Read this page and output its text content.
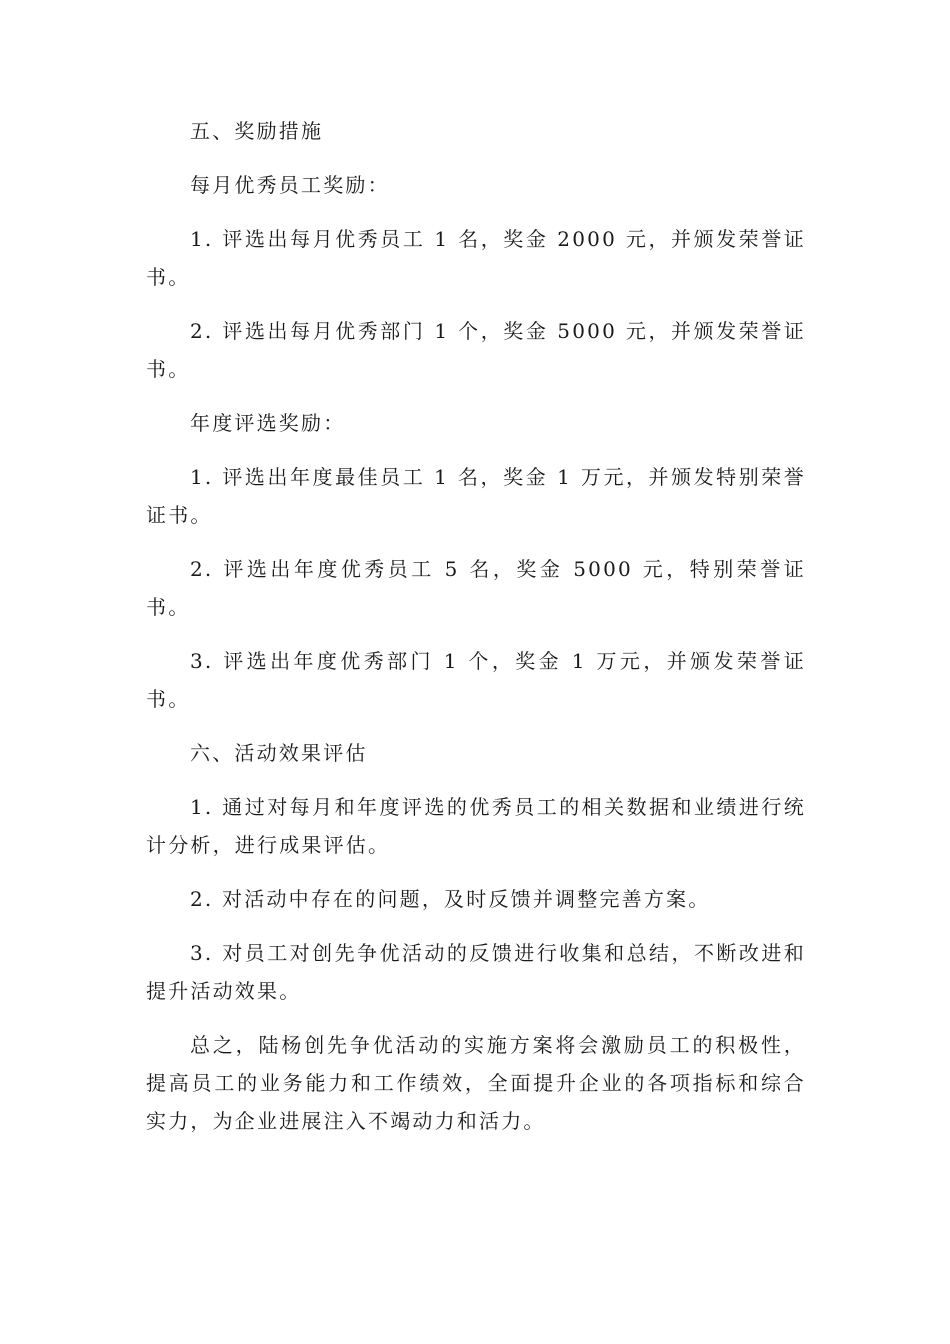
五、奖励措施

每月优秀员工奖励：

1. 评选出每月优秀员工 1 名，奖金 2000 元，并颁发荣誉证书。

2. 评选出每月优秀部门 1 个，奖金 5000 元，并颁发荣誉证书。

年度评选奖励：

1. 评选出年度最佳员工 1 名，奖金 1 万元，并颁发特别荣誉证书。

2. 评选出年度优秀员工 5 名，奖金 5000 元，特别荣誉证书。

3. 评选出年度优秀部门 1 个，奖金 1 万元，并颁发荣誉证书。

六、活动效果评估

1. 通过对每月和年度评选的优秀员工的相关数据和业绩进行统计分析，进行成果评估。

2. 对活动中存在的问题，及时反馈并调整完善方案。

3. 对员工对创先争优活动的反馈进行收集和总结，不断改进和提升活动效果。

总之，陆杨创先争优活动的实施方案将会激励员工的积极性，提高员工的业务能力和工作绩效，全面提升企业的各项指标和综合实力，为企业进展注入不竭动力和活力。
